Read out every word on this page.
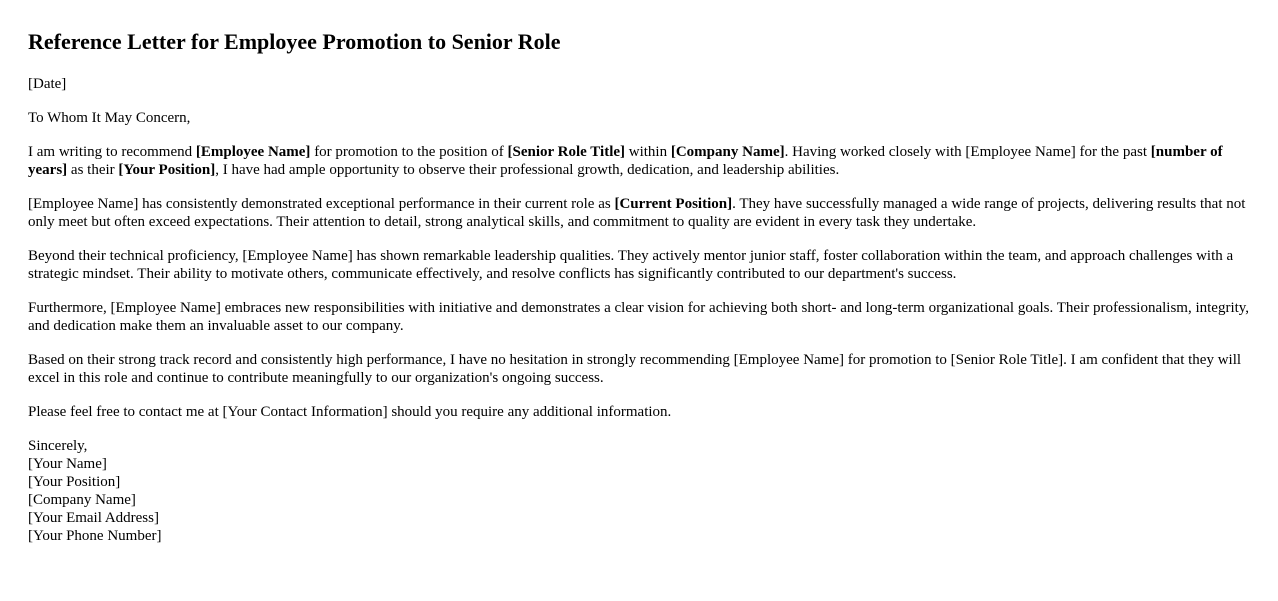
Reference Letter for Employee Promotion to Senior Role

[Date]

To Whom It May Concern,

I am writing to recommend [Employee Name] for promotion to the position of [Senior Role Title] within [Company Name]. Having worked closely with [Employee Name] for the past [number of years] as their [Your Position], I have had ample opportunity to observe their professional growth, dedication, and leadership abilities.

[Employee Name] has consistently demonstrated exceptional performance in their current role as [Current Position]. They have successfully managed a wide range of projects, delivering results that not only meet but often exceed expectations. Their attention to detail, strong analytical skills, and commitment to quality are evident in every task they undertake.

Beyond their technical proficiency, [Employee Name] has shown remarkable leadership qualities. They actively mentor junior staff, foster collaboration within the team, and approach challenges with a strategic mindset. Their ability to motivate others, communicate effectively, and resolve conflicts has significantly contributed to our department's success.

Furthermore, [Employee Name] embraces new responsibilities with initiative and demonstrates a clear vision for achieving both short- and long-term organizational goals. Their professionalism, integrity, and dedication make them an invaluable asset to our company.

Based on their strong track record and consistently high performance, I have no hesitation in strongly recommending [Employee Name] for promotion to [Senior Role Title]. I am confident that they will excel in this role and continue to contribute meaningfully to our organization's ongoing success.

Please feel free to contact me at [Your Contact Information] should you require any additional information.

Sincerely,
[Your Name]
[Your Position]
[Company Name]
[Your Email Address]
[Your Phone Number]
